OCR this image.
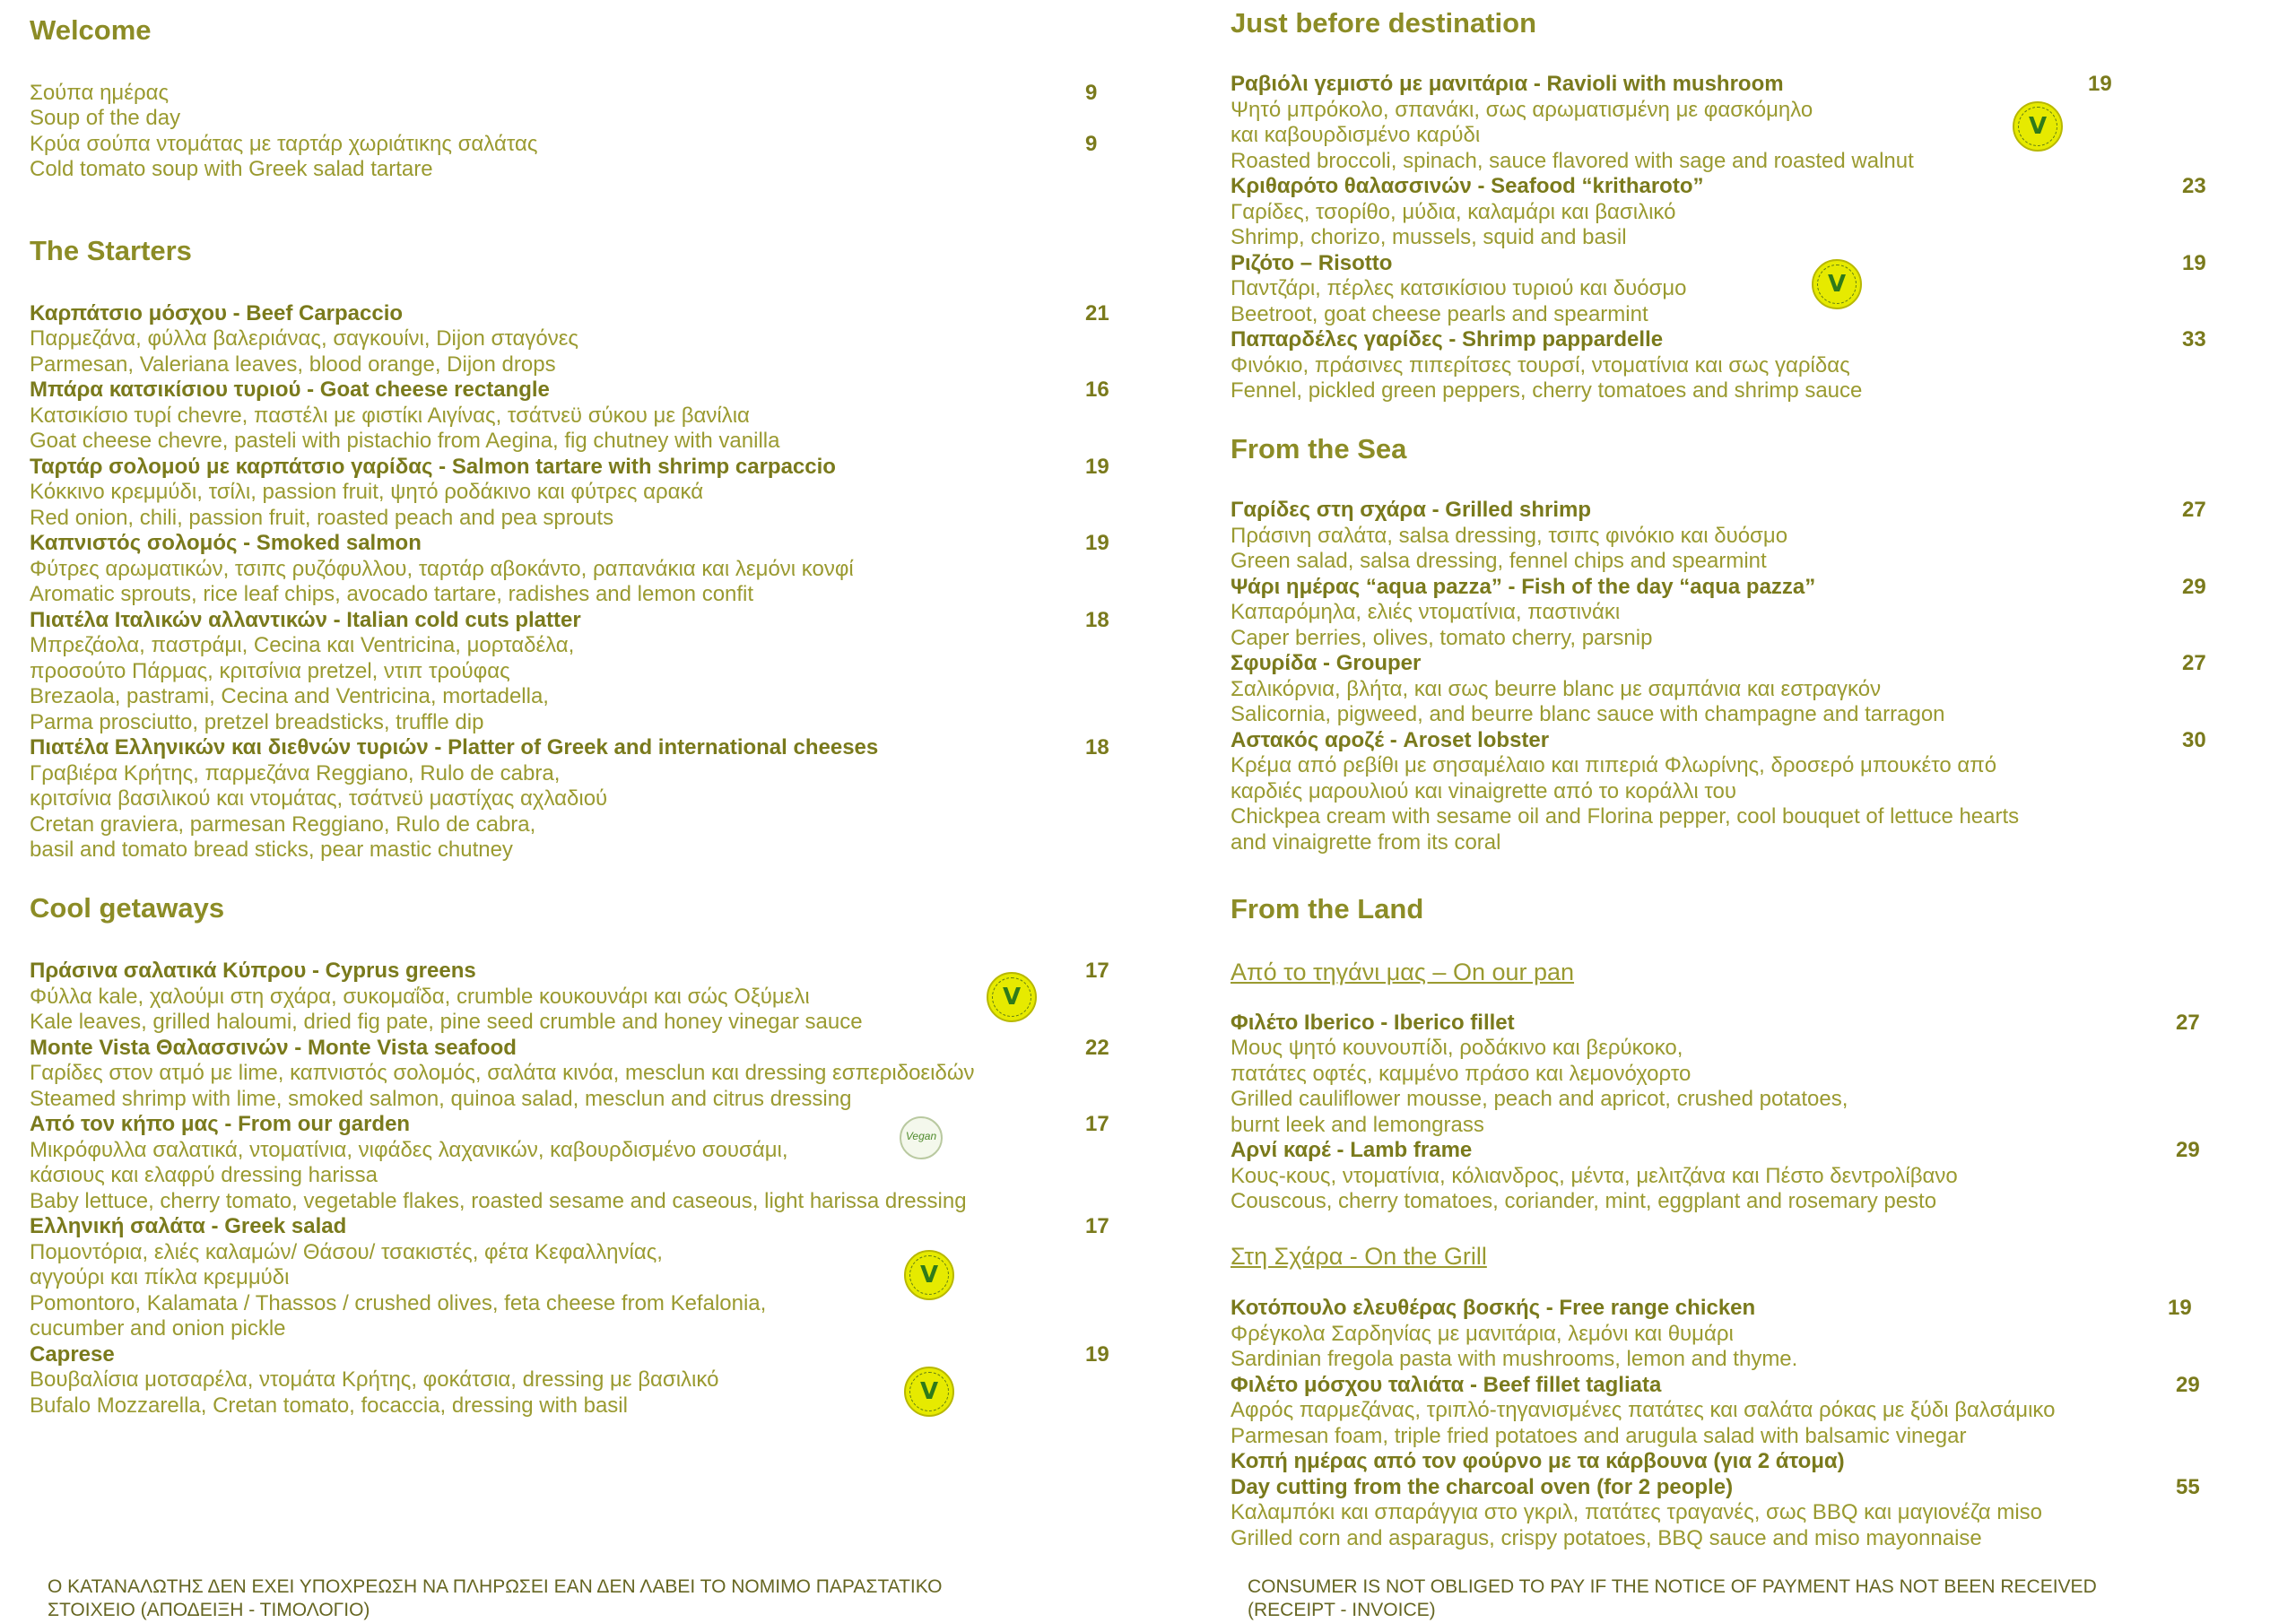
Welcome
Σούπα ημέρας	9
Soup of the day
Κρύα σούπα ντομάτας με ταρτάρ χωριάτικης σαλάτας	9
Cold tomato soup with Greek salad tartare
The Starters
Καρπάτσιο μόσχου - Beef Carpaccio	21
Παρμεζάνα, φύλλα βαλεριάνας, σαγκουίνι, Dijon σταγόνες
Parmesan, Valeriana leaves, blood orange, Dijon drops
Μπάρα κατσικίσιου τυριού - Goat cheese rectangle	16
Κατσικίσιο τυρί chevre, παστέλι με φιστίκι Αιγίνας, τσάτνεϋ σύκου με βανίλια
Goat cheese chevre, pasteli with pistachio from Aegina, fig chutney with vanilla
Ταρτάρ σολομού με καρπάτσιο γαρίδας - Salmon tartare with shrimp carpaccio	19
Κόκκινο κρεμμύδι, τσίλι, passion fruit, ψητό ροδάκινο και φύτρες αρακά
Red onion, chili, passion fruit, roasted peach and pea sprouts
Καπνιστός σολομός - Smoked salmon	19
Φύτρες αρωματικών, τσιπς ρυζόφυλλου, ταρτάρ αβοκάντο, ραπανάκια και λεμόνι κονφί
Aromatic sprouts, rice leaf chips, avocado tartare, radishes and lemon confit
Πιατέλα Ιταλικών αλλαντικών - Italian cold cuts platter	18
Μπρεζάολα, παστράμι, Cecina και Ventricina, μορταδέλα,
προσούτο Πάρμας, κριτσίνια pretzel, ντιπ τρούφας
Brezaola, pastrami, Cecina and Ventricina, mortadella,
Parma prosciutto, pretzel breadsticks, truffle dip
Πιατέλα Ελληνικών και διεθνών τυριών - Platter of Greek and international cheeses	18
Γραβιέρα Κρήτης, παρμεζάνα Reggiano, Rulo de cabra,
κριτσίνια βασιλικού και ντομάτας, τσάτνεϋ μαστίχας αχλαδιού
Cretan graviera, parmesan Reggiano, Rulo de cabra,
basil and tomato bread sticks, pear mastic chutney
Cool getaways
Πράσινα σαλατικά Κύπρου - Cyprus greens	17
Φύλλα kale, χαλούμι στη σχάρα, συκομαΐδα, crumble κουκουνάρι και σώς Οξύμελι
Kale leaves, grilled haloumi, dried fig pate, pine seed crumble and honey vinegar sauce
V
Monte Vista Θαλασσινών - Monte Vista seafood	22
Γαρίδες στον ατμό με lime, καπνιστός σολομός, σαλάτα κινόα, mesclun και dressing εσπεριδοειδών
Steamed shrimp with lime, smoked salmon, quinoa salad, mesclun and citrus dressing
Από τον κήπο μας - From our garden	17
Μικρόφυλλα σαλατικά, ντοματίνια, νιφάδες λαχανικών, καβουρδισμένο σουσάμι,
κάσιους και ελαφρύ dressing harissa
Baby lettuce, cherry tomato, vegetable flakes, roasted sesame and caseous, light harissa dressing
Vegan
Ελληνική σαλάτα - Greek salad	17
Ποµοντόρια, ελιές καλαμών/ Θάσου/ τσακιστές, φέτα Κεφαλληνίας,
αγγούρι και πίκλα κρεμμύδι
Pomontoro, Kalamata / Thassos / crushed olives, feta cheese from Kefalonia,
cucumber and onion pickle
V
Caprese	19
Βουβαλίσια μοτσαρέλα, ντομάτα Κρήτης, φοκάτσια, dressing με βασιλικό
Bufalo Mozzarella, Cretan tomato, focaccia, dressing with basil
V
Ο ΚΑΤΑΝΑΛΩΤΗΣ ΔΕΝ ΕΧΕΙ ΥΠΟΧΡΕΩΣΗ ΝΑ ΠΛΗΡΩΣΕΙ ΕΑΝ ΔΕΝ ΛΑΒΕΙ ΤΟ ΝΟΜΙΜΟ ΠΑΡΑΣΤΑΤΙΚΟ
ΣΤΟΙΧΕΙΟ (ΑΠΟΔΕΙΞΗ - ΤΙΜΟΛΟΓΙΟ)
Just before destination
Ραβιόλι γεμιστό με μανιτάρια - Ravioli with mushroom	19
Ψητό μπρόκολο, σπανάκι, σως αρωματισμένη με φασκόμηλο
και καβουρδισμένο καρύδι
Roasted broccoli, spinach, sauce flavored with sage and roasted walnut
V
Κριθαρότο θαλασσινών - Seafood “kritharoto”	23
Γαρίδες, τσορίθο, μύδια, καλαμάρι και βασιλικό
Shrimp, chorizo, mussels, squid and basil
Ριζότο – Risotto	19
Παντζάρι, πέρλες κατσικίσιου τυριού και δυόσμο
Beetroot, goat cheese pearls and spearmint
V
Παπαρδέλες γαρίδες - Shrimp pappardelle	33
Φινόκιο, πράσινες πιπερίτσες τουρσί, ντοματίνια και σως γαρίδας
Fennel, pickled green peppers, cherry tomatoes and shrimp sauce
From the Sea
Γαρίδες στη σχάρα - Grilled shrimp	27
Πράσινη σαλάτα, salsa dressing, τσιπς φινόκιο και δυόσμο
Green salad, salsa dressing, fennel chips and spearmint
Ψάρι ημέρας “aqua pazza” - Fish of the day “aqua pazza”	29
Καπαρόμηλα, ελιές ντοματίνια, παστινάκι
Caper berries, olives, tomato cherry, parsnip
Σφυρίδα - Grouper	27
Σαλικόρνια, βλήτα, και σως beurre blanc με σαμπάνια και εστραγκόν
Salicornia, pigweed, and beurre blanc sauce with champagne and tarragon
Αστακός αροζέ - Aroset lobster	30
Κρέμα από ρεβίθι με σησαμέλαιο και πιπεριά Φλωρίνης, δροσερό μπουκέτο από
καρδιές μαρουλιού και vinaigrette από το κοράλλι του
Chickpea cream with sesame oil and Florina pepper, cool bouquet of lettuce hearts
and vinaigrette from its coral
From the Land
Από το τηγάνι μας – On our pan
Φιλέτο Iberico - Iberico fillet	27
Μους ψητό κουνουπίδι, ροδάκινο και βερύκοκο,
πατάτες οφτές, καμμένο πράσο και λεμονόχορτο
Grilled cauliflower mousse, peach and apricot, crushed potatoes,
burnt leek and lemongrass
Αρνί καρέ - Lamb frame	29
Κους-κους, ντοματίνια, κόλιανδρος, μέντα, μελιτζάνα και Πέστο δεντρολίβανο
Couscous, cherry tomatoes, coriander, mint, eggplant and rosemary pesto
Στη Σχάρα - On the Grill
Κοτόπουλο ελευθέρας βοσκής - Free range chicken	19
Φρέγκολα Σαρδηνίας με μανιτάρια, λεμόνι και θυμάρι
Sardinian fregola pasta with mushrooms, lemon and thyme.
Φιλέτο μόσχου ταλιάτα - Beef fillet tagliata	29
Αφρός παρμεζάνας, τριπλό-τηγανισμένες πατάτες και σαλάτα ρόκας με ξύδι βαλσάμικο
Parmesan foam, triple fried potatoes and arugula salad with balsamic vinegar
Κοπή ημέρας από τον φούρνο με τα κάρβουνα (για 2 άτομα)
Day cutting from the charcoal oven (for 2 people)	55
Καλαμπόκι και σπαράγγια στο γκριλ, πατάτες τραγανές, σως BBQ και μαγιονέζα miso
Grilled corn and asparagus, crispy potatoes, BBQ sauce and miso mayonnaise
CONSUMER IS NOT OBLIGED TO PAY IF THE NOTICE OF PAYMENT HAS NOT BEEN RECEIVED
(RECEIPT - INVOICE)
